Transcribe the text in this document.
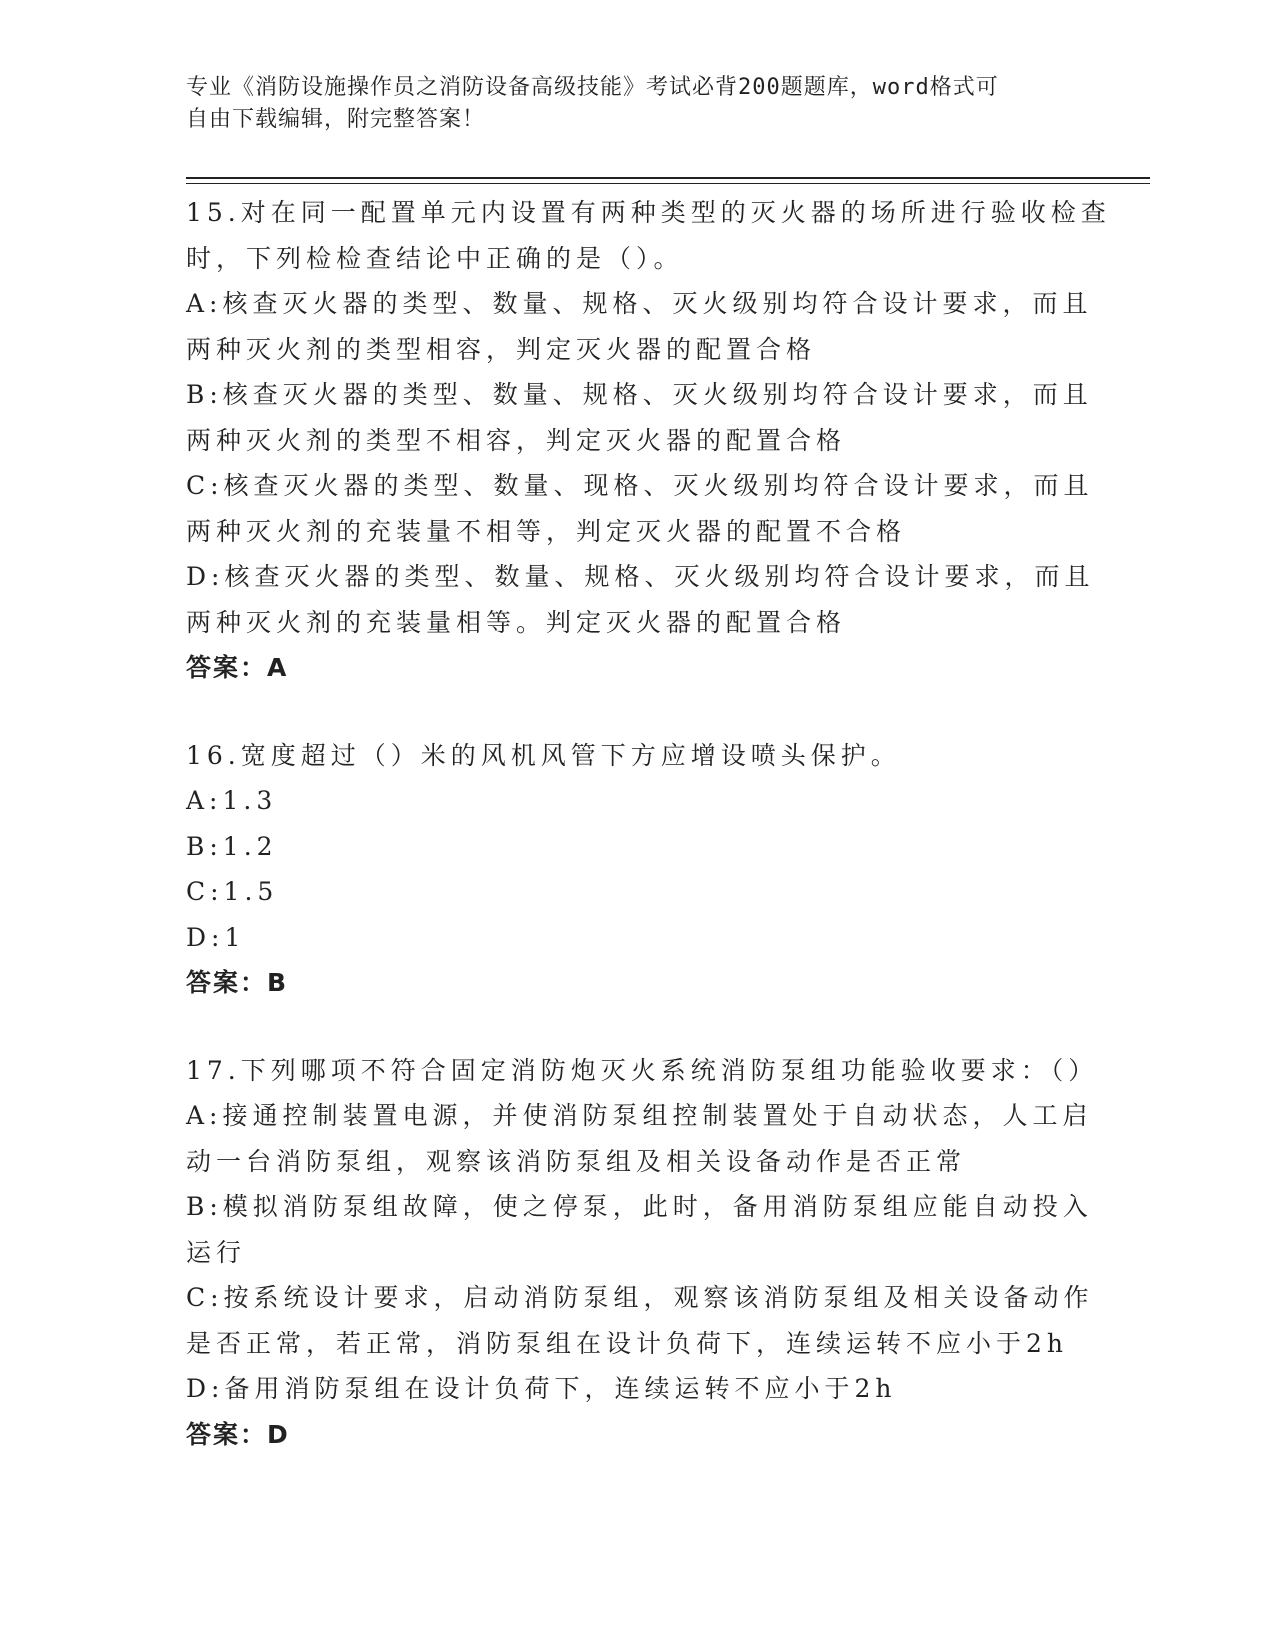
专业《消防设施操作员之消防设备高级技能》考试必背200题题库，word格式可
自由下载编辑，附完整答案！
15.对在同一配置单元内设置有两种类型的灭火器的场所进行验收检查
时，下列检检查结论中正确的是（）。
A:核查灭火器的类型、数量、规格、灭火级别均符合设计要求，而且
两种灭火剂的类型相容，判定灭火器的配置合格
B:核查灭火器的类型、数量、规格、灭火级别均符合设计要求，而且
两种灭火剂的类型不相容，判定灭火器的配置合格
C:核查灭火器的类型、数量、现格、灭火级别均符合设计要求，而且
两种灭火剂的充装量不相等，判定灭火器的配置不合格
D:核查灭火器的类型、数量、规格、灭火级别均符合设计要求，而且
两种灭火剂的充装量相等。判定灭火器的配置合格
答案：A
16.宽度超过（）米的风机风管下方应增设喷头保护。
A:1.3
B:1.2
C:1.5
D:1
答案：B
17.下列哪项不符合固定消防炮灭火系统消防泵组功能验收要求：（）
A:接通控制装置电源，并使消防泵组控制装置处于自动状态，人工启
动一台消防泵组，观察该消防泵组及相关设备动作是否正常
B:模拟消防泵组故障，使之停泵，此时，备用消防泵组应能自动投入
运行
C:按系统设计要求，启动消防泵组，观察该消防泵组及相关设备动作
是否正常，若正常，消防泵组在设计负荷下，连续运转不应小于2h
D:备用消防泵组在设计负荷下，连续运转不应小于2h
答案：D
